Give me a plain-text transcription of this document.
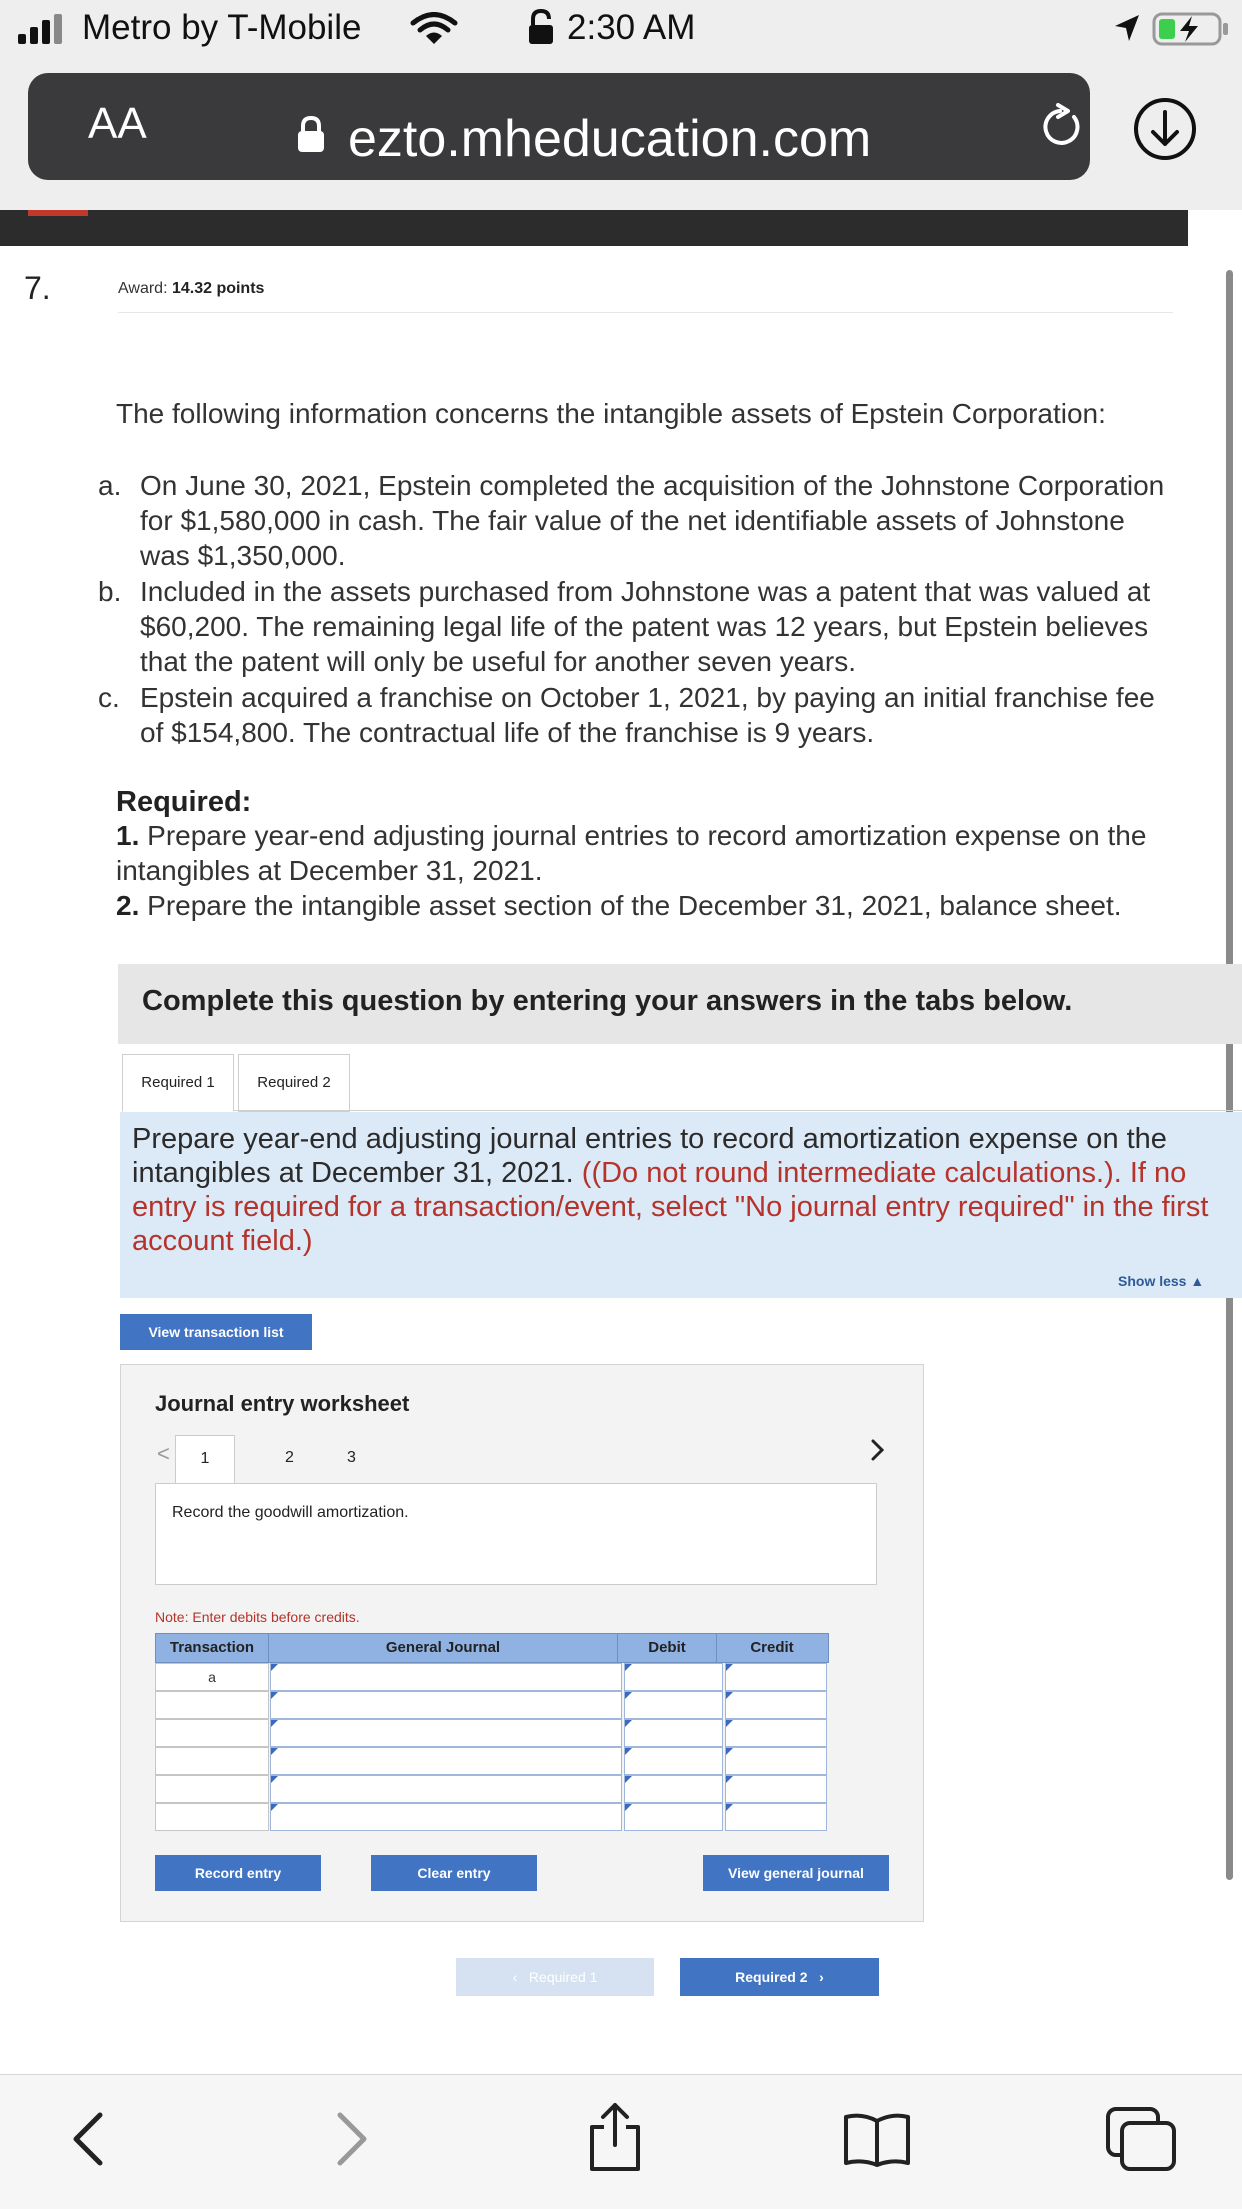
Metro by T-Mobile	2:30 AM
AA	ezto.mheducation.com
7.	Award: 14.32 points
The following information concerns the intangible assets of Epstein Corporation:
a. On June 30, 2021, Epstein completed the acquisition of the Johnstone Corporation for $1,580,000 in cash. The fair value of the net identifiable assets of Johnstone was $1,350,000.
b. Included in the assets purchased from Johnstone was a patent that was valued at $60,200. The remaining legal life of the patent was 12 years, but Epstein believes that the patent will only be useful for another seven years.
c. Epstein acquired a franchise on October 1, 2021, by paying an initial franchise fee of $154,800. The contractual life of the franchise is 9 years.
Required:
1. Prepare year-end adjusting journal entries to record amortization expense on the intangibles at December 31, 2021.
2. Prepare the intangible asset section of the December 31, 2021, balance sheet.
Complete this question by entering your answers in the tabs below.
Required 1	Required 2
Prepare year-end adjusting journal entries to record amortization expense on the intangibles at December 31, 2021. ((Do not round intermediate calculations.). If no entry is required for a transaction/event, select "No journal entry required" in the first account field.)
Show less ▲
View transaction list
Journal entry worksheet
<	1	2	3
Record the goodwill amortization.
Note: Enter debits before credits.
Transaction	General Journal	Debit	Credit
a
Record entry	Clear entry	View general journal
‹   Required 1	Required 2   ›
